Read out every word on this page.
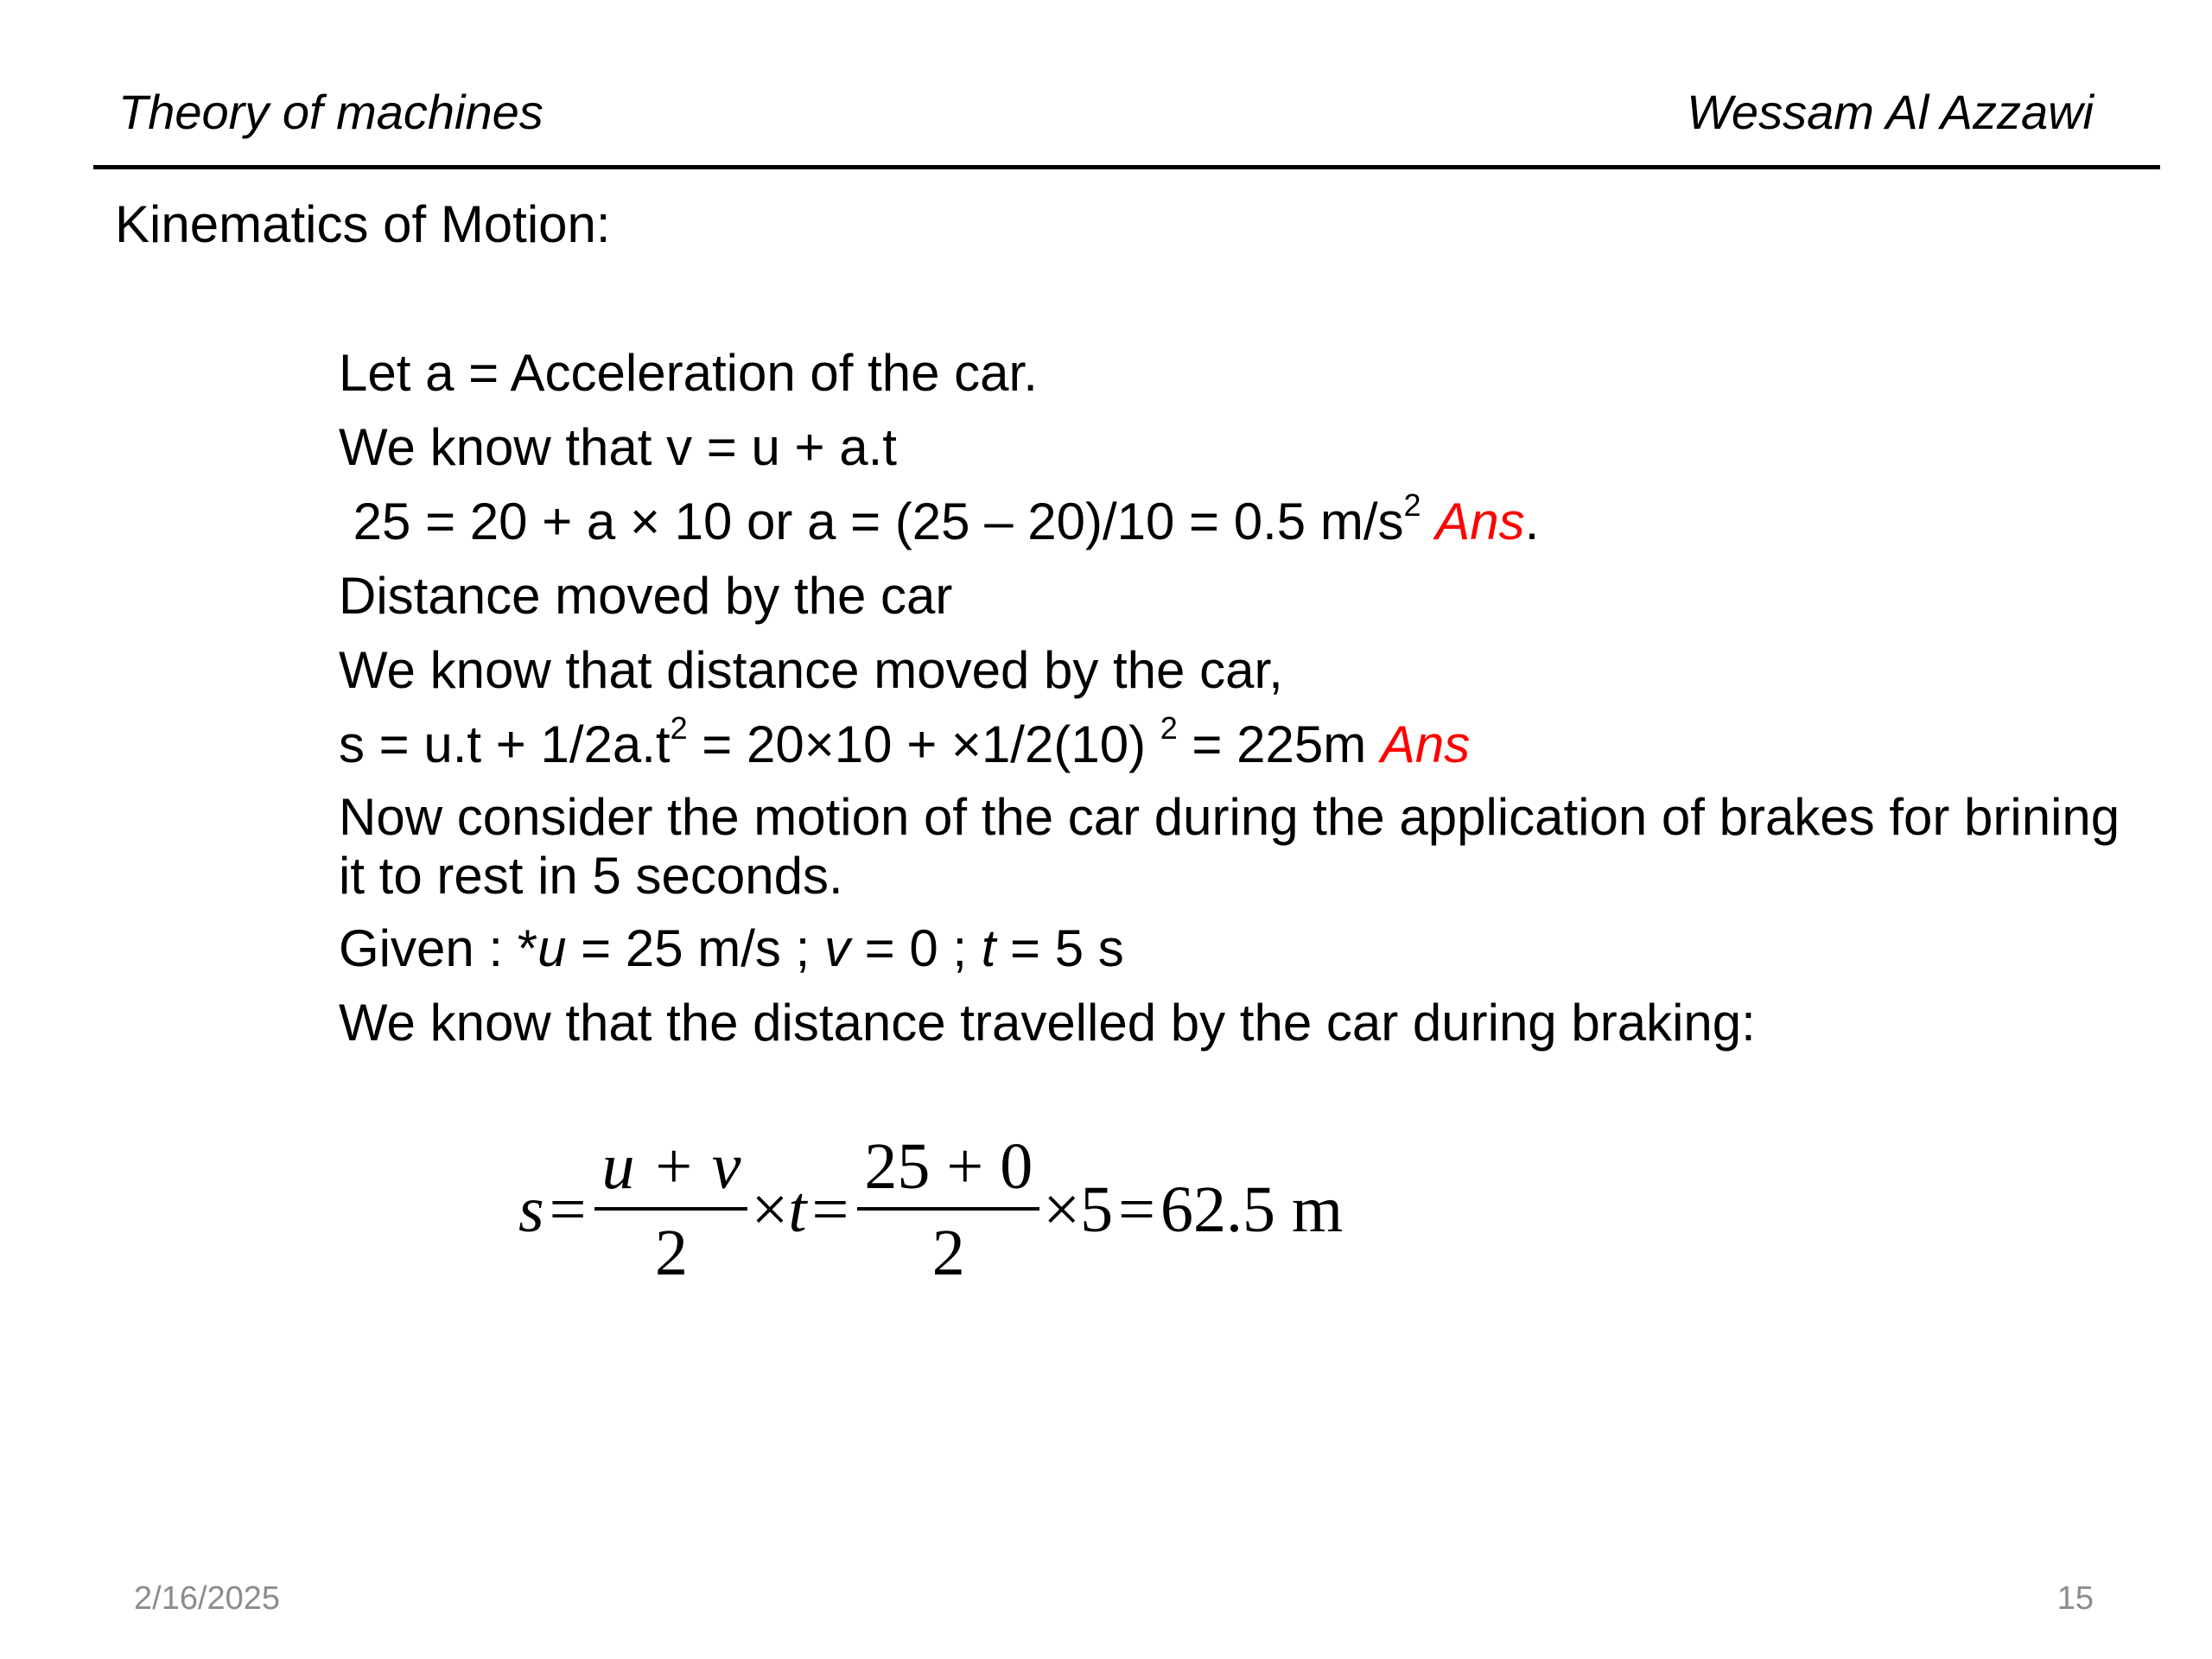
Theory of machines	Wessam Al Azzawi
Kinematics of Motion:
Let a = Acceleration of the car.
We know that v = u + a.t
25 = 20 + a × 10 or a = (25 – 20)/10 = 0.5 $m/s^2$ Ans.
Distance moved by the car
We know that distance moved by the car,
$s = u.t + 1/2a.t^2 = 20\times 10 + \times 1/2(10) ^2 = 225m$ Ans
Now consider the motion of the car during the application of brakes for brining it to rest in 5 seconds.
Given : *u = 25 m/s ; v = 0 ; t = 5 s
We know that the distance travelled by the car during braking:
$s = \frac{u + v}{2} \times t = \frac{25 + 0}{2} \times 5 = 62.5$ m
2/16/2025	15
